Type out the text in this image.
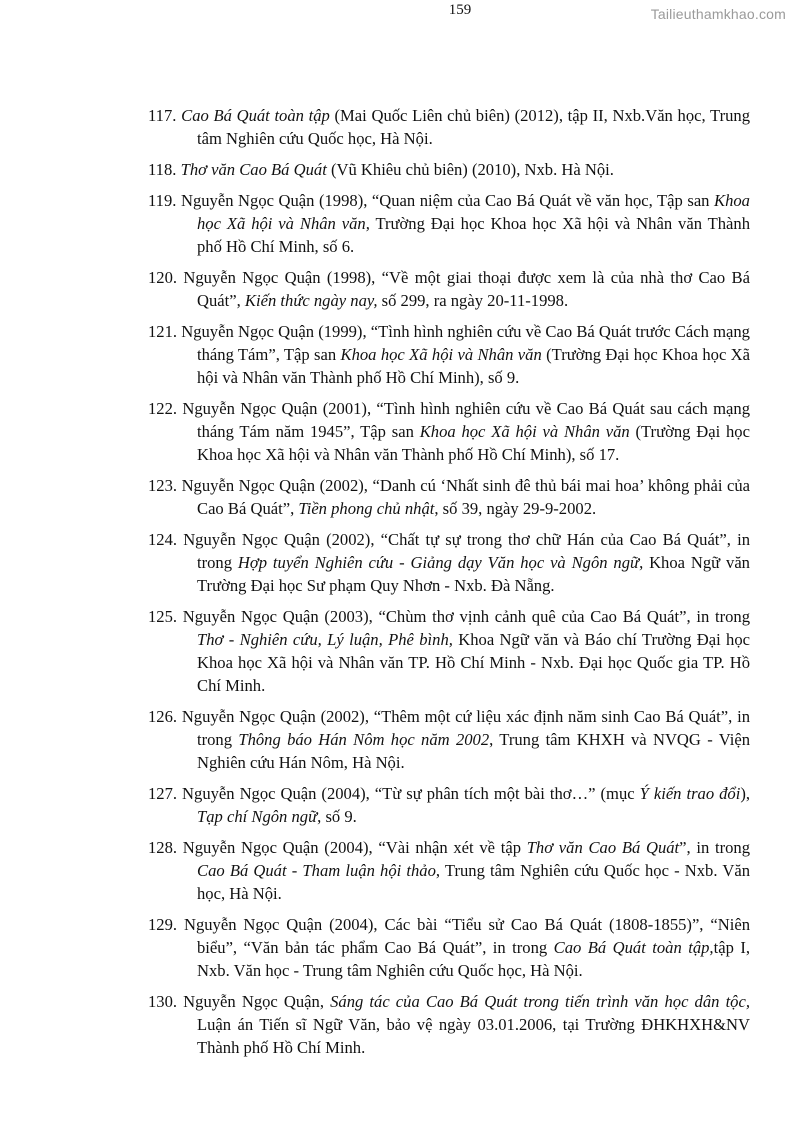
159	Tailieuthamkhao.com
117. Cao Bá Quát toàn tập (Mai Quốc Liên chủ biên) (2012), tập II, Nxb.Văn học, Trung tâm Nghiên cứu Quốc học, Hà Nội.
118. Thơ văn Cao Bá Quát (Vũ Khiêu chủ biên) (2010), Nxb. Hà Nội.
119. Nguyễn Ngọc Quận (1998), “Quan niệm của Cao Bá Quát về văn học, Tập san Khoa học Xã hội và Nhân văn, Trường Đại học Khoa học Xã hội và Nhân văn Thành phố Hồ Chí Minh, số 6.
120. Nguyễn Ngọc Quận (1998), “Về một giai thoại được xem là của nhà thơ Cao Bá Quát”, Kiến thức ngày nay, số 299, ra ngày 20-11-1998.
121. Nguyễn Ngọc Quận (1999), “Tình hình nghiên cứu về Cao Bá Quát trước Cách mạng tháng Tám”, Tập san Khoa học Xã hội và Nhân văn (Trường Đại học Khoa học Xã hội và Nhân văn Thành phố Hồ Chí Minh), số 9.
122. Nguyễn Ngọc Quận (2001), “Tình hình nghiên cứu về Cao Bá Quát sau cách mạng tháng Tám năm 1945”, Tập san Khoa học Xã hội và Nhân văn (Trường Đại học Khoa học Xã hội và Nhân văn Thành phố Hồ Chí Minh), số 17.
123. Nguyễn Ngọc Quận (2002), “Danh cú ‘Nhất sinh đê thủ bái mai hoa’ không phải của Cao Bá Quát”, Tiền phong chủ nhật, số 39, ngày 29-9-2002.
124. Nguyễn Ngọc Quận (2002), “Chất tự sự trong thơ chữ Hán của Cao Bá Quát”, in trong Hợp tuyển Nghiên cứu - Giảng dạy Văn học và Ngôn ngữ, Khoa Ngữ văn Trường Đại học Sư phạm Quy Nhơn - Nxb. Đà Nẵng.
125. Nguyễn Ngọc Quận (2003), “Chùm thơ vịnh cảnh quê của Cao Bá Quát”, in trong Thơ - Nghiên cứu, Lý luận, Phê bình, Khoa Ngữ văn và Báo chí Trường Đại học Khoa học Xã hội và Nhân văn TP. Hồ Chí Minh - Nxb. Đại học Quốc gia TP. Hồ Chí Minh.
126. Nguyễn Ngọc Quận (2002), “Thêm một cứ liệu xác định năm sinh Cao Bá Quát”, in trong Thông báo Hán Nôm học năm 2002, Trung tâm KHXH và NVQG - Viện Nghiên cứu Hán Nôm, Hà Nội.
127. Nguyễn Ngọc Quận (2004), “Từ sự phân tích một bài thơ…” (mục Ý kiến trao đổi), Tạp chí Ngôn ngữ, số 9.
128. Nguyễn Ngọc Quận (2004), “Vài nhận xét về tập Thơ văn Cao Bá Quát”, in trong Cao Bá Quát - Tham luận hội thảo, Trung tâm Nghiên cứu Quốc học - Nxb. Văn học, Hà Nội.
129. Nguyễn Ngọc Quận (2004), Các bài “Tiểu sử Cao Bá Quát (1808-1855)”, “Niên biểu”, “Văn bản tác phẩm Cao Bá Quát”, in trong Cao Bá Quát toàn tập,tập I, Nxb. Văn học - Trung tâm Nghiên cứu Quốc học, Hà Nội.
130. Nguyễn Ngọc Quận, Sáng tác của Cao Bá Quát trong tiến trình văn học dân tộc, Luận án Tiến sĩ Ngữ Văn, bảo vệ ngày 03.01.2006, tại Trường ĐHKHXH&NV Thành phố Hồ Chí Minh.
